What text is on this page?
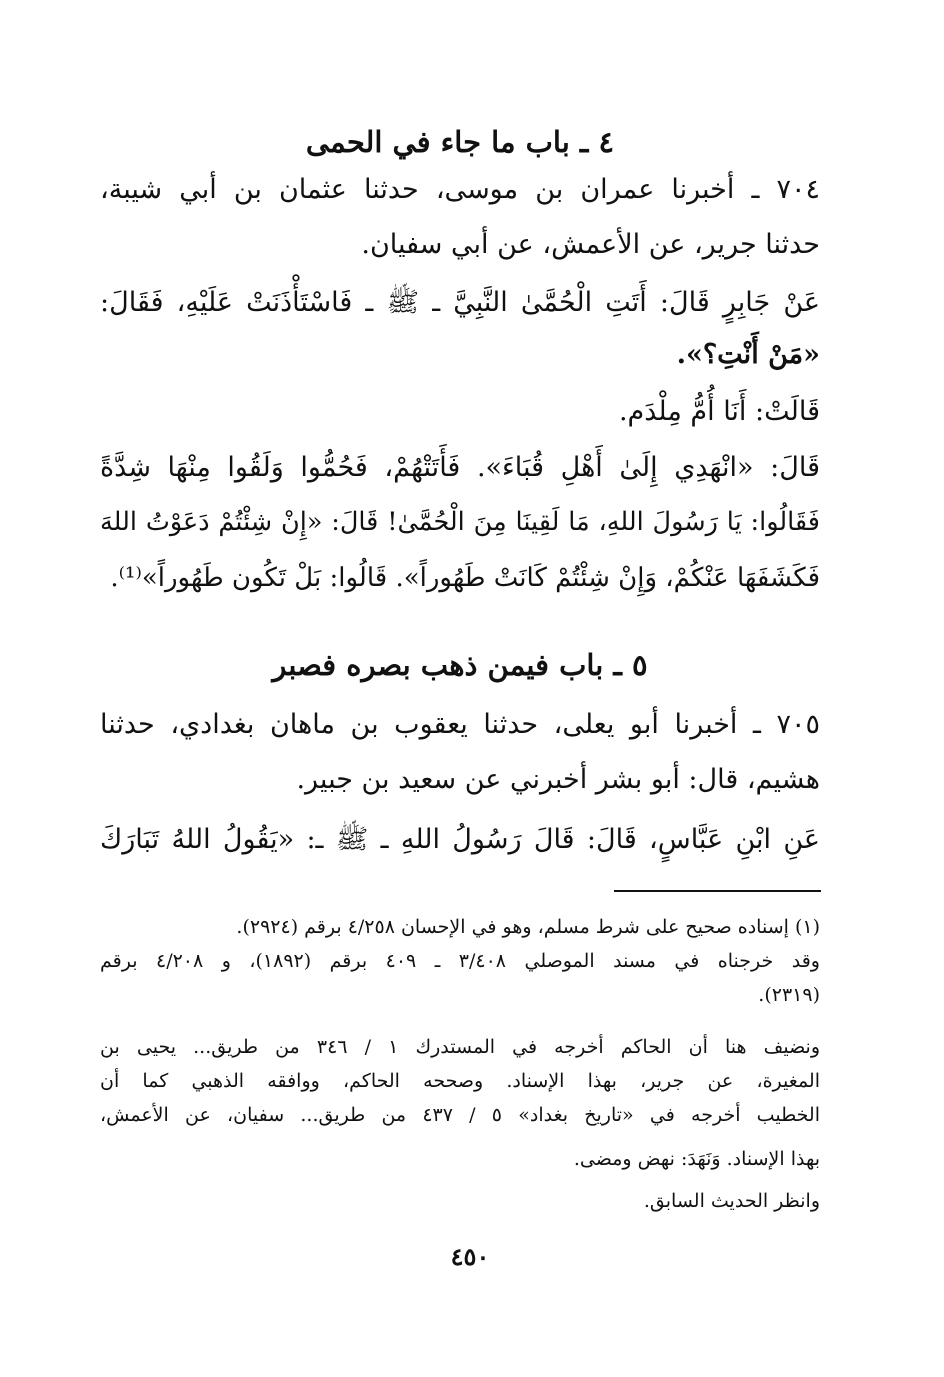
٤ ـ باب ما جاء في الحمى
٧٠٤ ـ أخبرنا عمران بن موسى، حدثنا عثمان بن أبي شيبة،
حدثنا جرير، عن الأعمش، عن أبي سفيان.
عَنْ جَابِرٍ قَالَ: أَتَتِ الْحُمَّىٰ النَّبِيَّ ـ ﷺ ـ فَاسْتَأْذَنَتْ عَلَيْهِ، فَقَالَ:
«مَنْ أَنْتِ؟».
قَالَتْ: أَنَا أُمُّ مِلْدَم.
قَالَ: «انْهَدِي إِلَىٰ أَهْلِ قُبَاءَ». فَأَتَتْهُمْ، فَحُمُّوا وَلَقُوا مِنْهَا شِدَّةً
فَقَالُوا: يَا رَسُولَ اللهِ، مَا لَقِينَا مِنَ الْحُمَّىٰ! قَالَ: «إِنْ شِئْتُمْ دَعَوْتُ اللهَ
فَكَشَفَهَا عَنْكُمْ، وَإِنْ شِئْتُمْ كَانَتْ طَهُوراً». قَالُوا: بَلْ تَكُون طَهُوراً»⁽¹⁾.
٥ ـ باب فيمن ذهب بصره فصبر
٧٠٥ ـ أخبرنا أبو يعلى، حدثنا يعقوب بن ماهان بغدادي، حدثنا
هشيم، قال: أبو بشر أخبرني عن سعيد بن جبير.
عَنِ ابْنِ عَبَّاسٍ، قَالَ: قَالَ رَسُولُ اللهِ ـ ﷺ ـ: «يَقُولُ اللهُ تَبَارَكَ
(١) إسناده صحيح على شرط مسلم، وهو في الإحسان ٤/٢٥٨ برقم (٢٩٢٤).
وقد خرجناه في مسند الموصلي ٣/٤٠٨ ـ ٤٠٩ برقم (١٨٩٢)، و ٤/٢٠٨ برقم
(٢٣١٩).
ونضيف هنا أن الحاكم أخرجه في المستدرك ١ / ٣٤٦ من طريق... يحيى بن
المغيرة، عن جرير، بهذا الإسناد. وصححه الحاكم، ووافقه الذهبي كما أن
الخطيب أخرجه في «تاريخ بغداد» ٥ / ٤٣٧ من طريق... سفيان، عن الأعمش،
بهذا الإسناد. وَنَهَدَ: نهض ومضى.
وانظر الحديث السابق.
٤٥٠
